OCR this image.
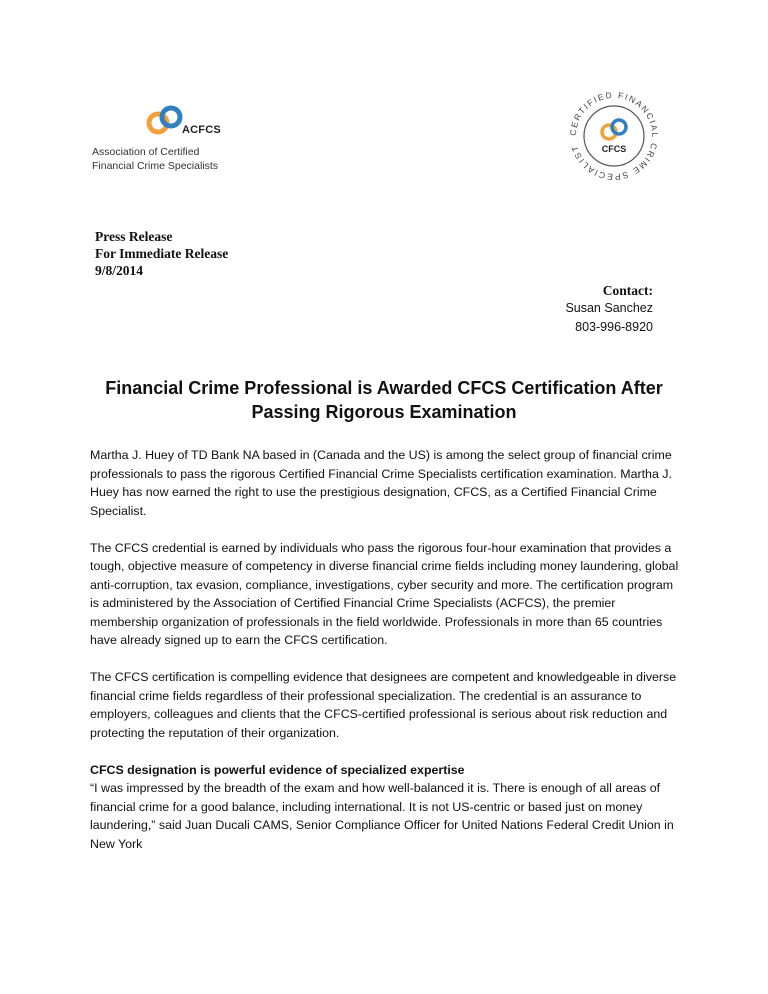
ACFCS
Association of Certified
Financial Crime Specialists
CERTIFIED FINANCIAL CRIME SPECIALIST	CFCS
Press Release
For Immediate Release
9/8/2014
Contact:
Susan Sanchez
803-996-8920
Financial Crime Professional is Awarded CFCS Certification After
Passing Rigorous Examination

Martha J. Huey of TD Bank NA based in (Canada and the US) is among the select group of financial crime professionals to pass the rigorous Certified Financial Crime Specialists certification examination. Martha J. Huey has now earned the right to use the prestigious designation, CFCS, as a Certified Financial Crime Specialist.

The CFCS credential is earned by individuals who pass the rigorous four-hour examination that provides a tough, objective measure of competency in diverse financial crime fields including money laundering, global anti-corruption, tax evasion, compliance, investigations, cyber security and more. The certification program is administered by the Association of Certified Financial Crime Specialists (ACFCS), the premier membership organization of professionals in the field worldwide. Professionals in more than 65 countries have already signed up to earn the CFCS certification.

The CFCS certification is compelling evidence that designees are competent and knowledgeable in diverse financial crime fields regardless of their professional specialization. The credential is an assurance to employers, colleagues and clients that the CFCS-certified professional is serious about risk reduction and protecting the reputation of their organization.

CFCS designation is powerful evidence of specialized expertise

“I was impressed by the breadth of the exam and how well-balanced it is. There is enough of all areas of financial crime for a good balance, including international. It is not US-centric or based just on money laundering,” said Juan Ducali CAMS, Senior Compliance Officer for United Nations Federal Credit Union in New York
